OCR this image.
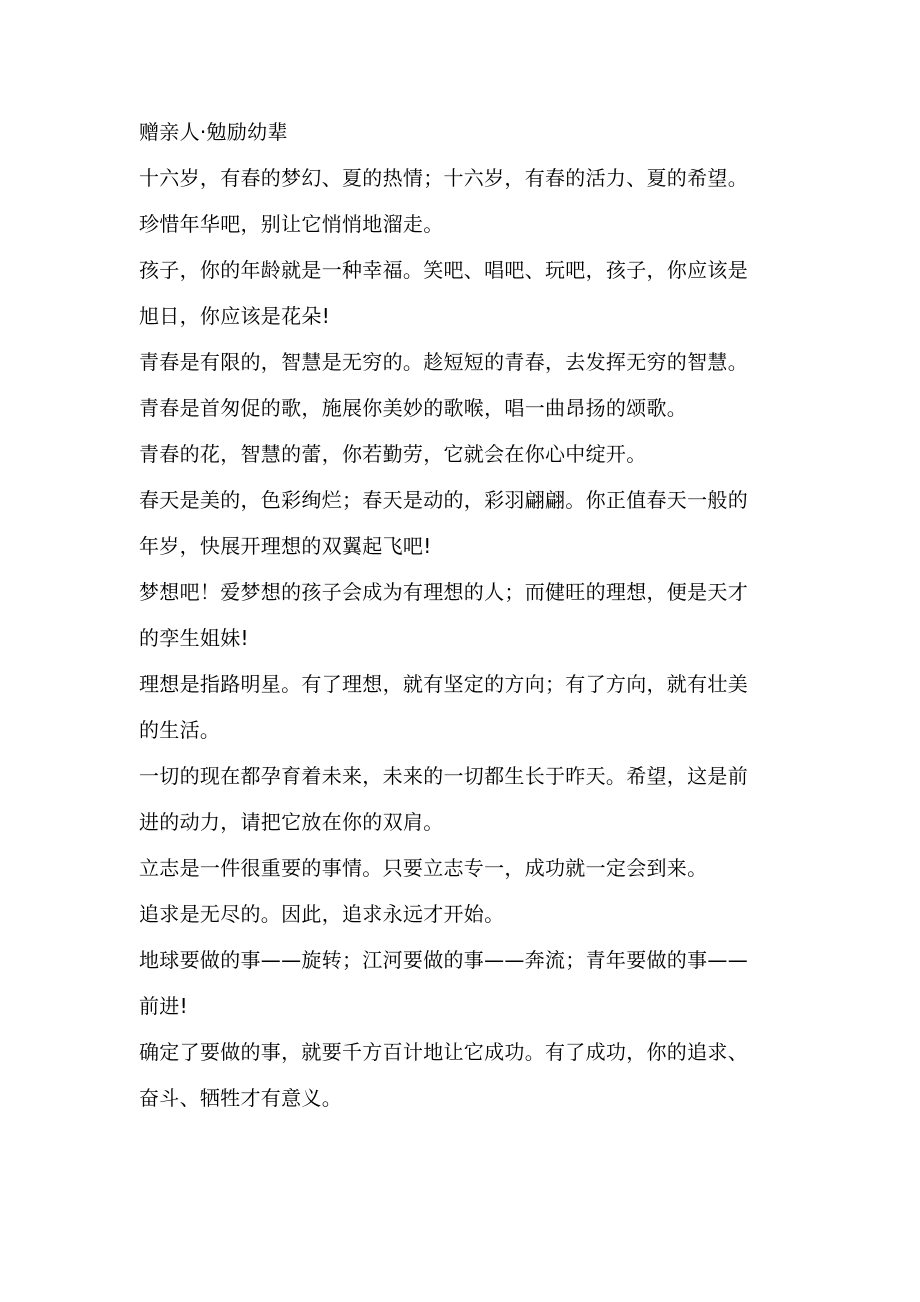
赠亲人·勉励幼辈
十六岁，有春的梦幻、夏的热情；十六岁，有春的活力、夏的希望。
珍惜年华吧，别让它悄悄地溜走。
孩子，你的年龄就是一种幸福。笑吧、唱吧、玩吧，孩子，你应该是
旭日，你应该是花朵!
青春是有限的，智慧是无穷的。趁短短的青春，去发挥无穷的智慧。
青春是首匆促的歌，施展你美妙的歌喉，唱一曲昂扬的颂歌。
青春的花，智慧的蕾，你若勤劳，它就会在你心中绽开。
春天是美的，色彩绚烂；春天是动的，彩羽翩翩。你正值春天一般的
年岁，快展开理想的双翼起飞吧!
梦想吧！爱梦想的孩子会成为有理想的人；而健旺的理想，便是天才
的孪生姐妹!
理想是指路明星。有了理想，就有坚定的方向；有了方向，就有壮美
的生活。
一切的现在都孕育着未来，未来的一切都生长于昨天。希望，这是前
进的动力，请把它放在你的双肩。
立志是一件很重要的事情。只要立志专一，成功就一定会到来。
追求是无尽的。因此，追求永远才开始。
地球要做的事——旋转；江河要做的事——奔流；青年要做的事——
前进!
确定了要做的事，就要千方百计地让它成功。有了成功，你的追求、
奋斗、牺牲才有意义。
